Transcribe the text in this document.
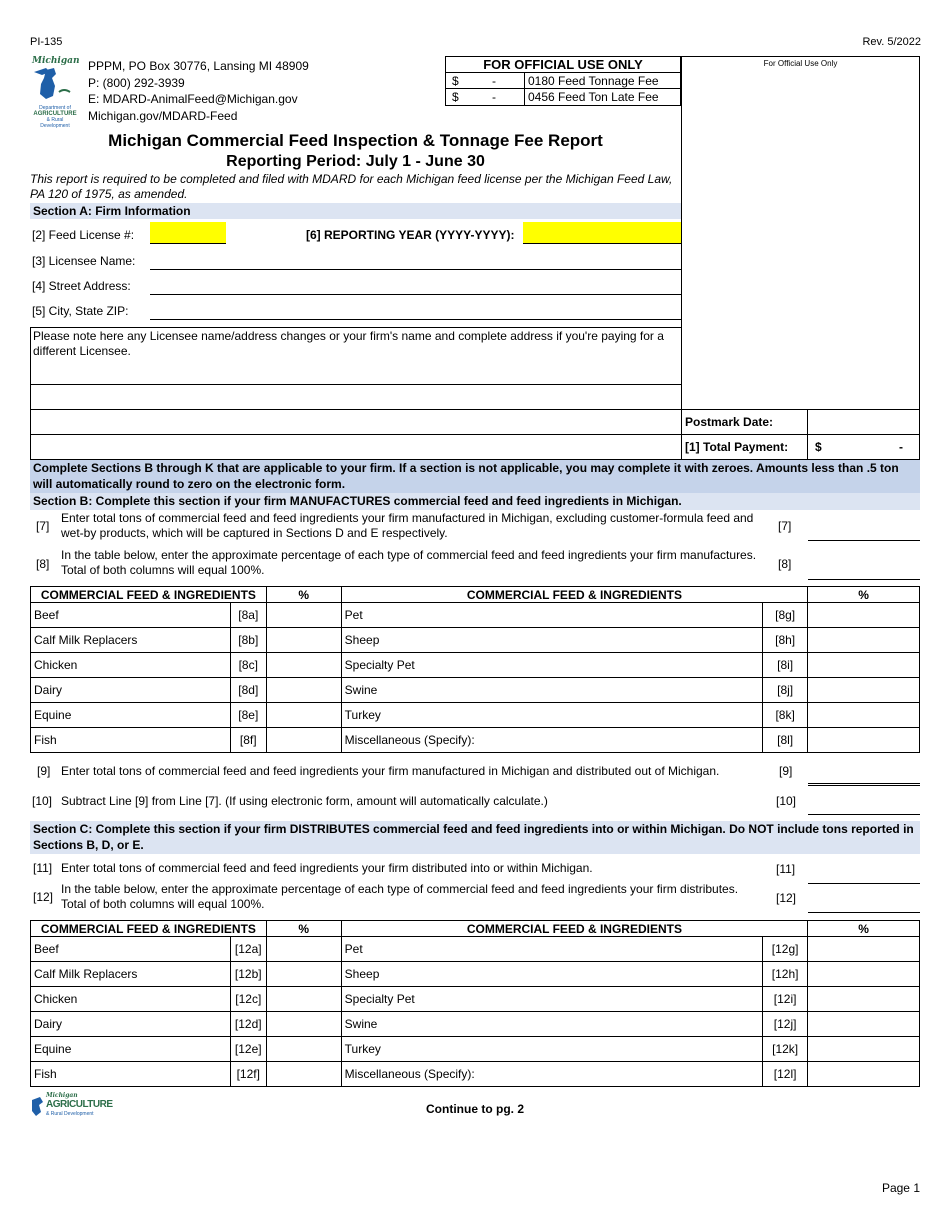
PI-135	Rev. 5/2022
Michigan
Department of
AGRICULTURE
& Rural Development
PPPM, PO Box 30776, Lansing MI 48909
P: (800) 292-3939
E: MDARD-AnimalFeed@Michigan.gov
Michigan.gov/MDARD-Feed
FOR OFFICIAL USE ONLY
$	-	0180 Feed Tonnage Fee
$	-	0456 Feed Ton Late Fee
For Official Use Only
Michigan Commercial Feed Inspection & Tonnage Fee Report
Reporting Period: July 1 - June 30
This report is required to be completed and filed with MDARD for each Michigan feed license per the Michigan Feed Law, PA 120 of 1975, as amended.
Section A: Firm Information
[2] Feed License #:	[6] REPORTING YEAR (YYYY-YYYY):
[3] Licensee Name:
[4] Street Address:
[5] City, State ZIP:
Please note here any Licensee name/address changes or your firm's name and complete address if you're paying for a different Licensee.
Postmark Date:
[1] Total Payment:	$	-
Complete Sections B through K that are applicable to your firm. If a section is not applicable, you may complete it with zeroes. Amounts less than .5 ton will automatically round to zero on the electronic form.
Section B: Complete this section if your firm MANUFACTURES commercial feed and feed ingredients in Michigan.
[7]
Enter total tons of commercial feed and feed ingredients your firm manufactured in Michigan, excluding customer-formula feed and wet-by products, which will be captured in Sections D and E respectively.	[7]
[8]
In the table below, enter the approximate percentage of each type of commercial feed and feed ingredients your firm manufactures. Total of both columns will equal 100%.	[8]
COMMERCIAL FEED & INGREDIENTS		%	COMMERCIAL FEED & INGREDIENTS		%
Beef	[8a]		Pet	[8g]	
Calf Milk Replacers	[8b]		Sheep	[8h]	
Chicken	[8c]		Specialty Pet	[8i]	
Dairy	[8d]		Swine	[8j]	
Equine	[8e]		Turkey	[8k]	
Fish	[8f]		Miscellaneous (Specify):	[8l]	
[9] Enter total tons of commercial feed and feed ingredients your firm manufactured in Michigan and distributed out of Michigan.	[9]
[10] Subtract Line [9] from Line [7]. (If using electronic form, amount will automatically calculate.)	[10]
Section C: Complete this section if your firm DISTRIBUTES commercial feed and feed ingredients into or within Michigan. Do NOT include tons reported in Sections B, D, or E.
[11] Enter total tons of commercial feed and feed ingredients your firm distributed into or within Michigan.	[11]
[12]
In the table below, enter the approximate percentage of each type of commercial feed and feed ingredients your firm distributes. Total of both columns will equal 100%.	[12]
COMMERCIAL FEED & INGREDIENTS		%	COMMERCIAL FEED & INGREDIENTS		%
Beef	[12a]		Pet	[12g]	
Calf Milk Replacers	[12b]		Sheep	[12h]	
Chicken	[12c]		Specialty Pet	[12i]	
Dairy	[12d]		Swine	[12j]	
Equine	[12e]		Turkey	[12k]	
Fish	[12f]		Miscellaneous (Specify):	[12l]	
Michigan
AGRICULTURE
& Rural Development	Continue to pg. 2
Page 1
